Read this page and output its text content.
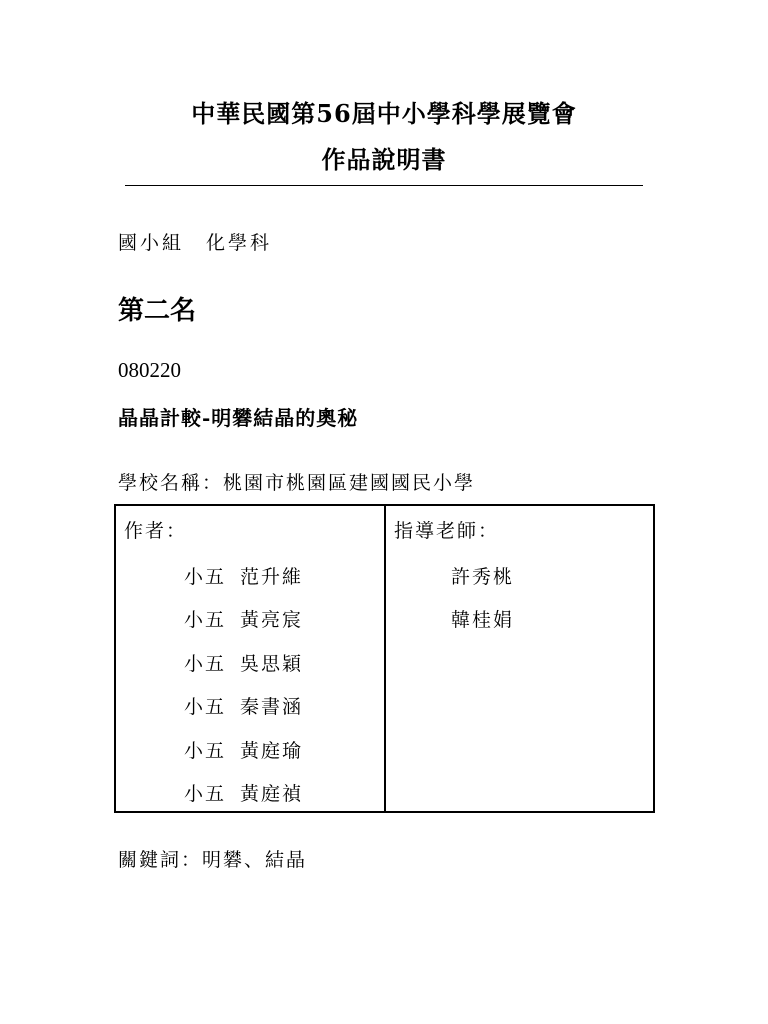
中華民國第56屆中小學科學展覽會
作品說明書
國小組　化學科
第二名
080220
晶晶計較-明礬結晶的奧秘
學校名稱：桃園市桃園區建國國民小學
作者：	指導老師：
小五 范升維
小五 黃亮宸
小五 吳思穎
小五 秦書涵
小五 黃庭瑜
小五 黃庭禎
許秀桃
韓桂娟
關鍵詞：明礬、結晶
